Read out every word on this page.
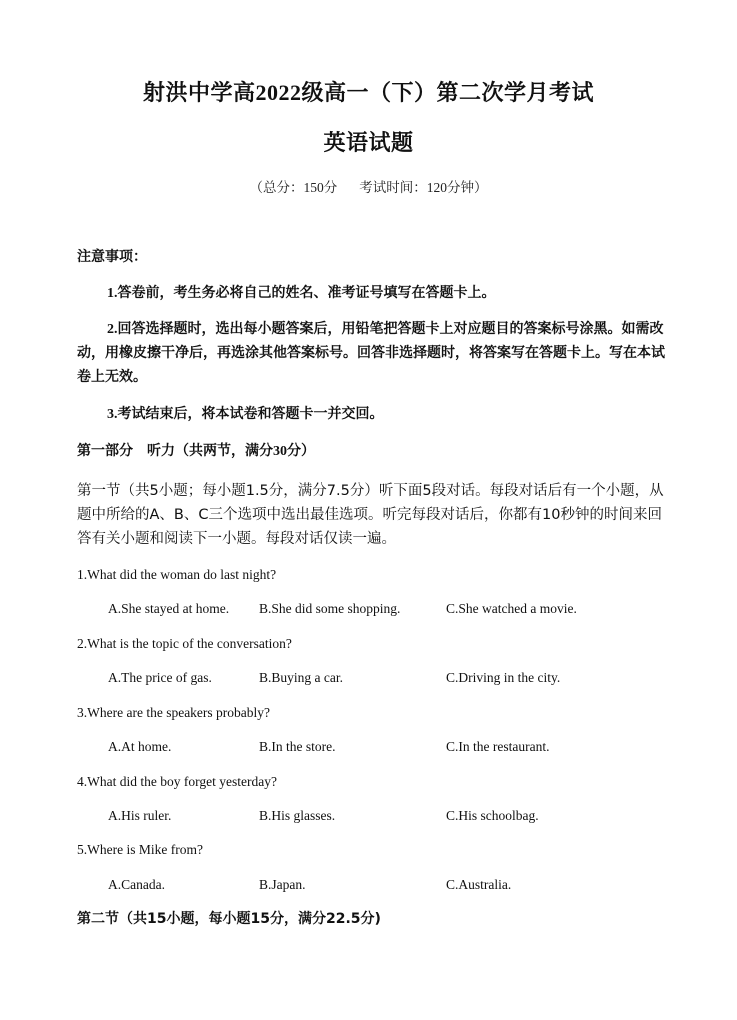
射洪中学高2022级高一（下）第二次学月考试
英语试题
（总分：150分 考试时间：120分钟）
注意事项：
1.答卷前，考生务必将自己的姓名、准考证号填写在答题卡上。
2.回答选择题时，选出每小题答案后，用铅笔把答题卡上对应题目的答案标号涂黑。如需改动，用橡皮擦干净后，再选涂其他答案标号。回答非选择题时，将答案写在答题卡上。写在本试卷上无效。
3.考试结束后，将本试卷和答题卡一并交回。
第一部分　听力（共两节，满分30分）
第一节（共5小题；每小题1.5分，满分7.5分）听下面5段对话。每段对话后有一个小题，从题中所给的A、B、C三个选项中选出最佳选项。听完每段对话后，你都有10秒钟的时间来回答有关小题和阅读下一小题。每段对话仅读一遍。
1.What did the woman do last night?
A.She stayed at home. B.She did some shopping.	C.She watched a movie.
2.What is the topic of the conversation?
A.The price of gas.	B.Buying a car.	C.Driving in the city.
3.Where are the speakers probably?
A.At home.	B.In the store.	C.In the restaurant.
4.What did the boy forget yesterday?
A.His ruler.	B.His glasses.	C.His schoolbag.
5.Where is Mike from?
A.Canada.	B.Japan.	C.Australia.
第二节（共15小题，每小题15分，满分22.5分)
